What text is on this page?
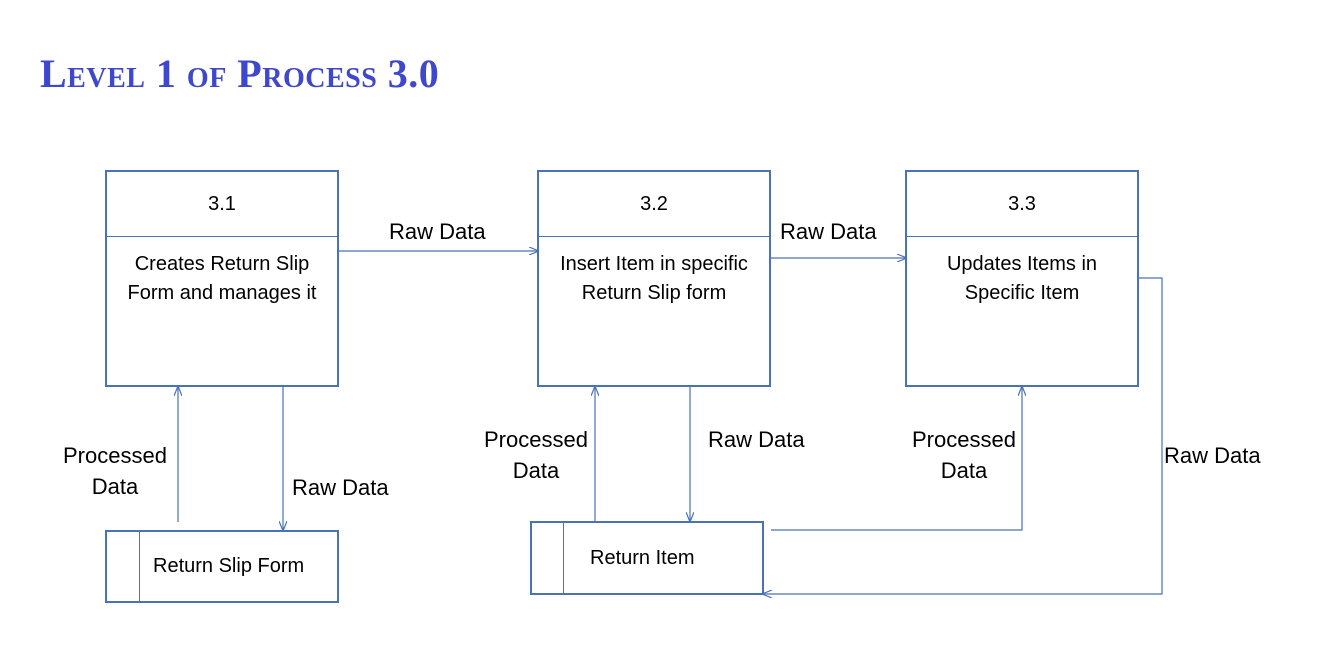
Level 1 of Process 3.0
3.1
Creates Return Slip
Form and manages it
3.2
Insert Item in specific
Return Slip form
3.3
Updates Items in
Specific Item
Return Slip Form	Return Item
Raw Data	Raw Data
Processed
Data	Raw Data
Processed
Data
Raw Data	Processed
Data
Raw Data
